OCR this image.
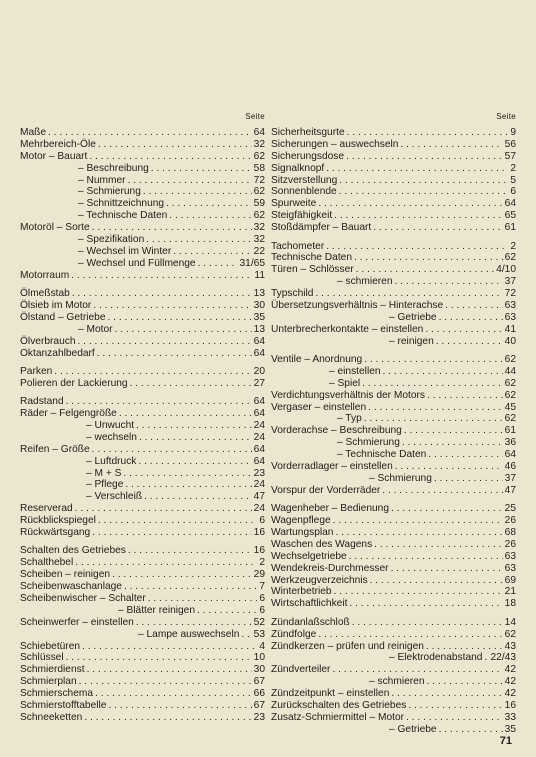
Seite
Maße . . .	64
Mehrbereich-Öle . . .	32
Motor – Bauart . . .	62
– Beschreibung . . .	58
– Nummer . . .	72
– Schmierung . . .	62
– Schnittzeichnung . . .	59
– Technische Daten . . .	62
Motoröl – Sorte . . .	32
– Spezifikation . . .	32
– Wechsel im Winter . . .	22
– Wechsel und Füllmenge . . .	31/65
Motorraum . . .	11
Ölmeßstab . . .	13
Ölsieb im Motor . . .	30
Ölstand – Getriebe . . .	35
– Motor . . .	13
Ölverbrauch . . .	64
Oktanzahlbedarf . . .	64
Parken . . .	20
Polieren der Lackierung . . .	27
Radstand . . .	64
Räder – Felgengröße . . .	64
– Unwucht . . .	24
– wechseln . . .	24
Reifen – Größe . . .	64
– Luftdruck . . .	64
– M + S . . .	23
– Pflege . . .	24
– Verschleiß . . .	47
Reserverad . . .	24
Rückblickspiegel . . .	6
Rückwärtsgang . . .	16
Schalten des Getriebes . . .	16
Schalthebel . . .	2
Scheiben – reinigen . . .	29
Scheibenwaschanlage . . .	7
Scheibenwischer – Schalter . . .	6
– Blätter reinigen . . .	6
Scheinwerfer – einstellen . . .	52
– Lampe auswechseln . . . 53
Schiebetüren . . .	4
Schlüssel . . .	10
Schmierdienst . . .	30
Schmierplan . . .	67
Schmierschema . . .	66
Schmierstofftabelle . . .	67
Schneeketten . . .	23
Seite
Sicherheitsgurte . . .	9
Sicherungen – auswechseln . . .	56
Sicherungsdose . . .	57
Signalknopf . . .	2
Sitzverstellung . . .	5
Sonnenblende . . .	6
Spurweite . . .	64
Steigfähigkeit . . .	65
Stoßdämpfer – Bauart . . .	61
Tachometer . . .	2
Technische Daten . . .	62
Türen – Schlösser . . .	4/10
– schmieren . . .	37
Typschild . . .	72
Übersetzungsverhältnis – Hinterachse . . .	63
– Getriebe . . .	63
Unterbrecherkontakte – einstellen . . .	41
– reinigen . . .	40
Ventile – Anordnung . . .	62
– einstellen . . .	44
– Spiel . . .	62
Verdichtungsverhältnis der Motors . . .	62
Vergaser – einstellen . . .	45
– Typ . . .	62
Vorderachse – Beschreibung . . .	61
– Schmierung . . .	36
– Technische Daten . . .	64
Vorderradlager – einstellen . . .	46
– Schmierung . . .	37
Vorspur der Vorderräder . . .	47
Wagenheber – Bedienung . . .	25
Wagenpflege . . .	26
Wartungsplan . . .	68
Waschen des Wagens . . .	26
Wechselgetriebe . . .	63
Wendekreis-Durchmesser . . .	63
Werkzeugverzeichnis . . .	69
Winterbetrieb . . .	21
Wirtschaftlichkeit . . .	18
Zündanlaßschloß . . .	14
Zündfolge . . .	62
Zündkerzen – prüfen und reinigen . . .	43
– Elektrodenabstand . . . 22/43
Zündverteiler . . .	42
– schmieren . . .	42
Zündzeitpunkt – einstellen . . .	42
Zurückschalten des Getriebes . . .	16
Zusatz-Schmiermittel – Motor . . .	33
– Getriebe . . .	35
71
